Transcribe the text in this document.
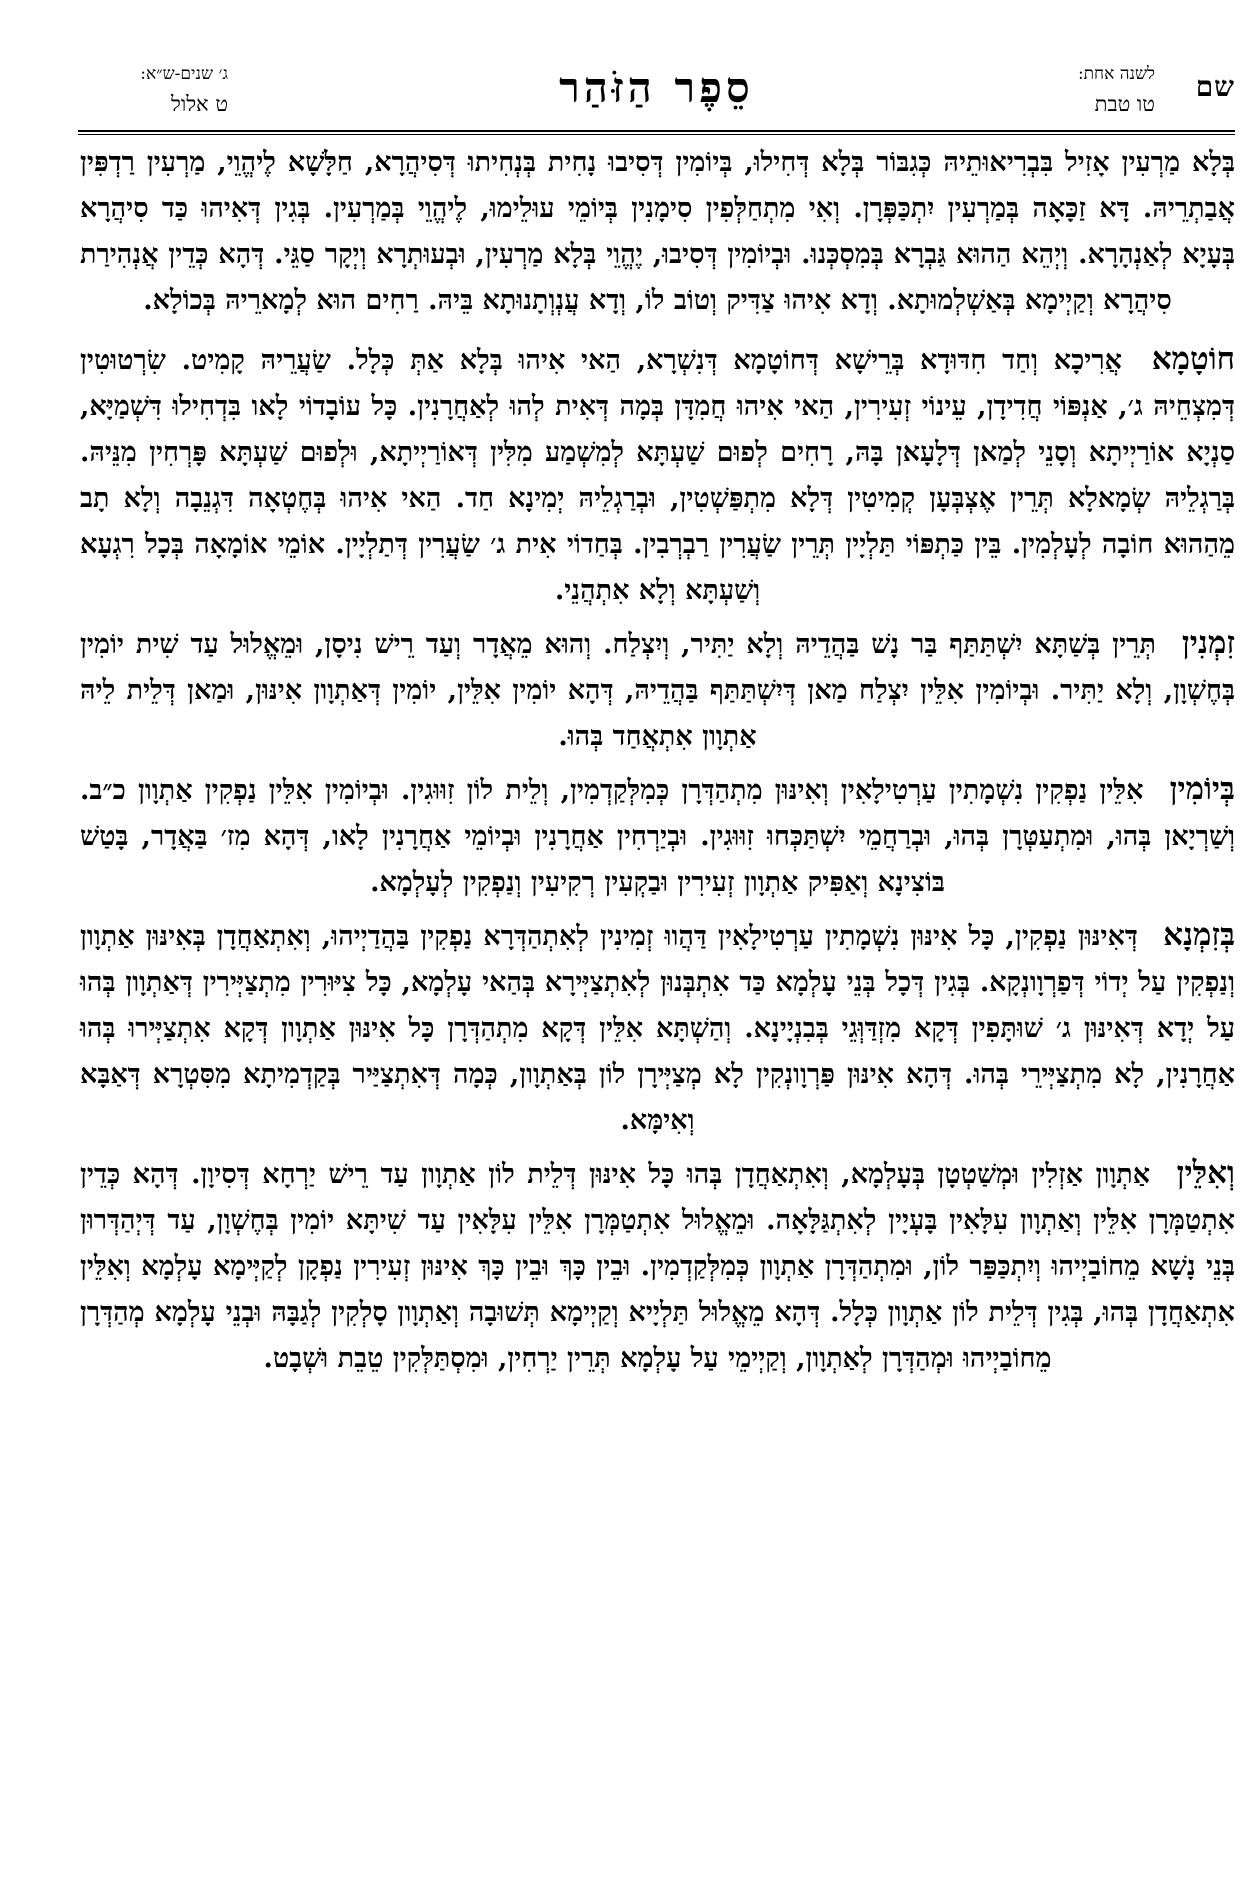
שם
לשנה אחת:
טו טבת
סֵפֶר הַזֹּהַר
ג׳ שנים-ש״א:
ט אלול

בְּלָא מַרְעִין אָזִיל בִּבְרִיאוּתֵיהּ כְּגִבּוֹר בְּלָא דְּחִילוּ, בְּיוֹמִין דְּסִיבוּ נָחִית בְּנְחִיתוּ דְּסִיהֲרָא, חַלָּשָׁא לֶיהֱוֵי, מַרְעִין רַדְפִּין אֲבַתְרֵיהּ. דָּא זַכָּאָה בְּמַרְעִין יִתְכַּפְּרָן. וְאִי מִתְחַלְּפִין סִימָנִין בְּיוֹמֵי עוּלֵימוּ, לֶיהֱוֵי בְּמַרְעִין. בְּגִין דְּאִיהוּ כַּד סִיהֲרָא בְּעָיָא לְאַנְהָרָא. וְיְהֵא הַהוּא גַּבְרָא בְּמִסְכְּנוּ. וּבְיוֹמִין דְּסִיבוּ, יֶהֱוֵי בְּלָא מַרְעִין, וּבְעוּתְרָא וְיְקָר סַגֵּי. דְּהָא כְּדֵין אֲנְהִירַת סִיהֲרָא וְקַיְימָא בְּאַשְׁלְמוּתָא. וְדָא אִיהוּ צַדִּיק וְטוֹב לוֹ, וְדָא עֲנְוְתָנוּתָא בֵּיהּ. רַחִים הוּא לְמָארֵיהּ בְּכוֹלָא.

חוֹטָמָא אֲרִיכָא וְחַד חִדּוּדָא בְּרֵישָׁא דְּחוֹטָמָא דְּנִשְׁרָא, הַאי אִיהוּ בְּלָא אַתְּ כְּלָל. שַׂעֲרֵיהּ קָמִיט. שִׂרְטוּטִין דְּמִצְחֵיהּ ג׳, אַנְפּוֹי חֲדִידָן, עֵינוֹי זְעִירִין, הַאי אִיהוּ חֲמִדָּן בְּמָה דְּאִית לְהוּ לְאַחֲרָנִין. כָּל עוֹבָדוֹי לָאו בִּדְחִילוּ דִּשְׁמַיָּא, סַנְיָא אוֹרַיְיתָא וְסָנֵי לְמַאן דְּלָעָאן בָּהּ, רָחִים לְפוּם שַׁעְתָּא לְמִשְׁמַע מִלִּין דְּאוֹרַיְיתָא, וּלְפוּם שַׁעְתָּא פָּרְחִין מִנֵּיהּ. בְּרַגְלֵיהּ שְׂמָאלָא תְּרֵין אֶצְבְּעָן קְמִיטִין דְּלָא מִתְפַּשְׁטִין, וּבְרַגְלֵיהּ יְמִינָא חַד. הַאי אִיהוּ בְּחֶטְאָה דִּגְנֵבָה וְלָא תָב מֵהַהוּא חוֹבָה לְעָלְמִין. בֵּין כַּתְפּוֹי תַּלְיָין תְּרֵין שַׂעֲרִין רַבְרְבִין. בְּחַדוֹי אִית ג׳ שַׂעֲרִין דְּתַלְיָין. אוֹמֵי אוֹמָאָה בְּכָל רִגְעָא וְשַׁעְתָּא וְלָא אִתְהֲנֵי.

זִמְנִין תְּרֵין בְּשַׁתָּא יִשְׁתַּתַּף בַּר נָשׁ בַּהֲדֵיהּ וְלָא יַתִּיר, וְיִצְלַח. וְהוּא מֵאֲדָר וְעַד רֵישׁ נִיסָן, וּמֵאֱלוּל עַד שִׁית יוֹמִין בְּחֶשְׁוָן, וְלָא יַתִּיר. וּבְיוֹמִין אִלֵּין יִצְלַח מַאן דְּיִשְׁתַּתַּף בַּהֲדֵיהּ, דְּהָא יוֹמִין אִלֵּין, יוֹמִין דְּאַתְוָון אִינּוּן, וּמַאן דְּלֵית לֵיהּ אַתְוָון אִתְאֲחַד בְּהוּ.

בְּיוֹמִין אִלֵּין נַפְקִין נִשְׁמָתִין עַרְטִילָאִין וְאִינּוּן מִתְהַדְּרָן כְּמִלְּקַדְמִין, וְלֵית לוֹן זִוּוּגִין. וּבְיוֹמִין אִלֵּין נַפְקִין אַתְוָון כ״ב. וְשַׁרְיָאן בְּהוּ, וּמִתְעַטְּרָן בְּהוּ, וּבְרַחֲמֵי יִשְׁתַּכְּחוּ זִוּוּגִין. וּבְיַרְחִין אַחֲרָנִין וּבְיוֹמֵי אַחֲרָנִין לָאו, דְּהָא מִז׳ בַּאֲדָר, בָּטַשׁ בּוֹצִינָא וְאַפִּיק אַתְוָון זְעִירִין וּבַקְעִין רְקִיעִין וְנַפְקִין לְעָלְמָא.

בְּזִמְנָא דְּאִינּוּן נַפְקִין, כָּל אִינּוּן נִשְׁמָתִין עַרְטִילָאִין דַּהֲווּ זְמִינִין לְאִתְהַדְּרָא נַפְקִין בַּהֲדַיְיהוּ, וְאִתְאַחֲדָן בְּאִינּוּן אַתְוָון וְנַפְקִין עַל יְדוֹי דְּפַרְוָונְקָא. בְּגִין דְּכָל בְּנֵי עָלְמָא כַּד אִתְבְּנוּן לְאִתְצַיְּירָא בְּהַאי עָלְמָא, כָּל צִיּוּרִין מִתְצַיְּירִין דְּאַתְוָון בְּהוּ עַל יְדָא דְּאִינּוּן ג׳ שׁוּתָּפִין דְּקָא מִזְדַּוְּגֵי בְּבִנְיָינָא. וְהַשְׁתָּא אִלֵּין דְּקָא מִתְהַדְּרָן כָּל אִינּוּן אַתְוָון דְּקָא אִתְצַיְּירוּ בְּהוּ אַחֲרָנִין, לָא מִתְצַיְּירֵי בְּהוּ. דְּהָא אִינּוּן פַּרְוָונְקִין לָא מְצַיְּירָן לוֹן בְּאַתְוָון, כְּמָה דְּאִתְצַיַּיר בְּקַדְמִיתָא מִסִּטְרָא דְּאַבָּא וְאִימָּא.

וְאִלֵּין אַתְוָון אַזְלִין וּמְשַׁטְטָן בְּעָלְמָא, וְאִתְאַחֲדָן בְּהוּ כָּל אִינּוּן דְּלֵית לוֹן אַתְוָון עַד רֵישׁ יַרְחָא דְּסִיוָן. דְּהָא כְּדֵין אִתְטַמְּרָן אִלֵּין וְאַתְוָון עִלָּאִין בָּעְיָין לְאִתְגַּלָּאָה. וּמֵאֱלוּל אִתְטַמְּרָן אִלֵּין עִלָּאִין עַד שִׁיתָּא יוֹמִין בְּחֶשְׁוָן, עַד דְּיְהַדְּרוּן בְּנֵי נָשָׁא מֵחוֹבַיְיהוּ וְיִתְכַּפַּר לוֹן, וּמִתְהַדְּרָן אַתְוָון כְּמִלְּקַדְמִין. וּבֵין כָּךְ וּבֵין כָּךְ אִינּוּן זְעִירִין נַפְקָן לְקַיְּימָא עָלְמָא וְאִלֵּין אִתְאַחֲדָן בְּהוּ, בְּגִין דְּלֵית לוֹן אַתְוָון כְּלָל. דְּהָא מֵאֱלוּל תַּלְיָיא וְקַיְימָא תְּשׁוּבָה וְאַתְוָון סָלְקִין לְגַבָּהּ וּבְנֵי עָלְמָא מְהַדְּרָן מֵחוֹבַיְיהוּ וּמְהַדְּרָן לְאַתְוָון, וְקַיְימֵי עַל עָלְמָא תְּרֵין יַרְחִין, וּמִסְתַּלְּקִין טֵבֵת וּשְׁבָט.
